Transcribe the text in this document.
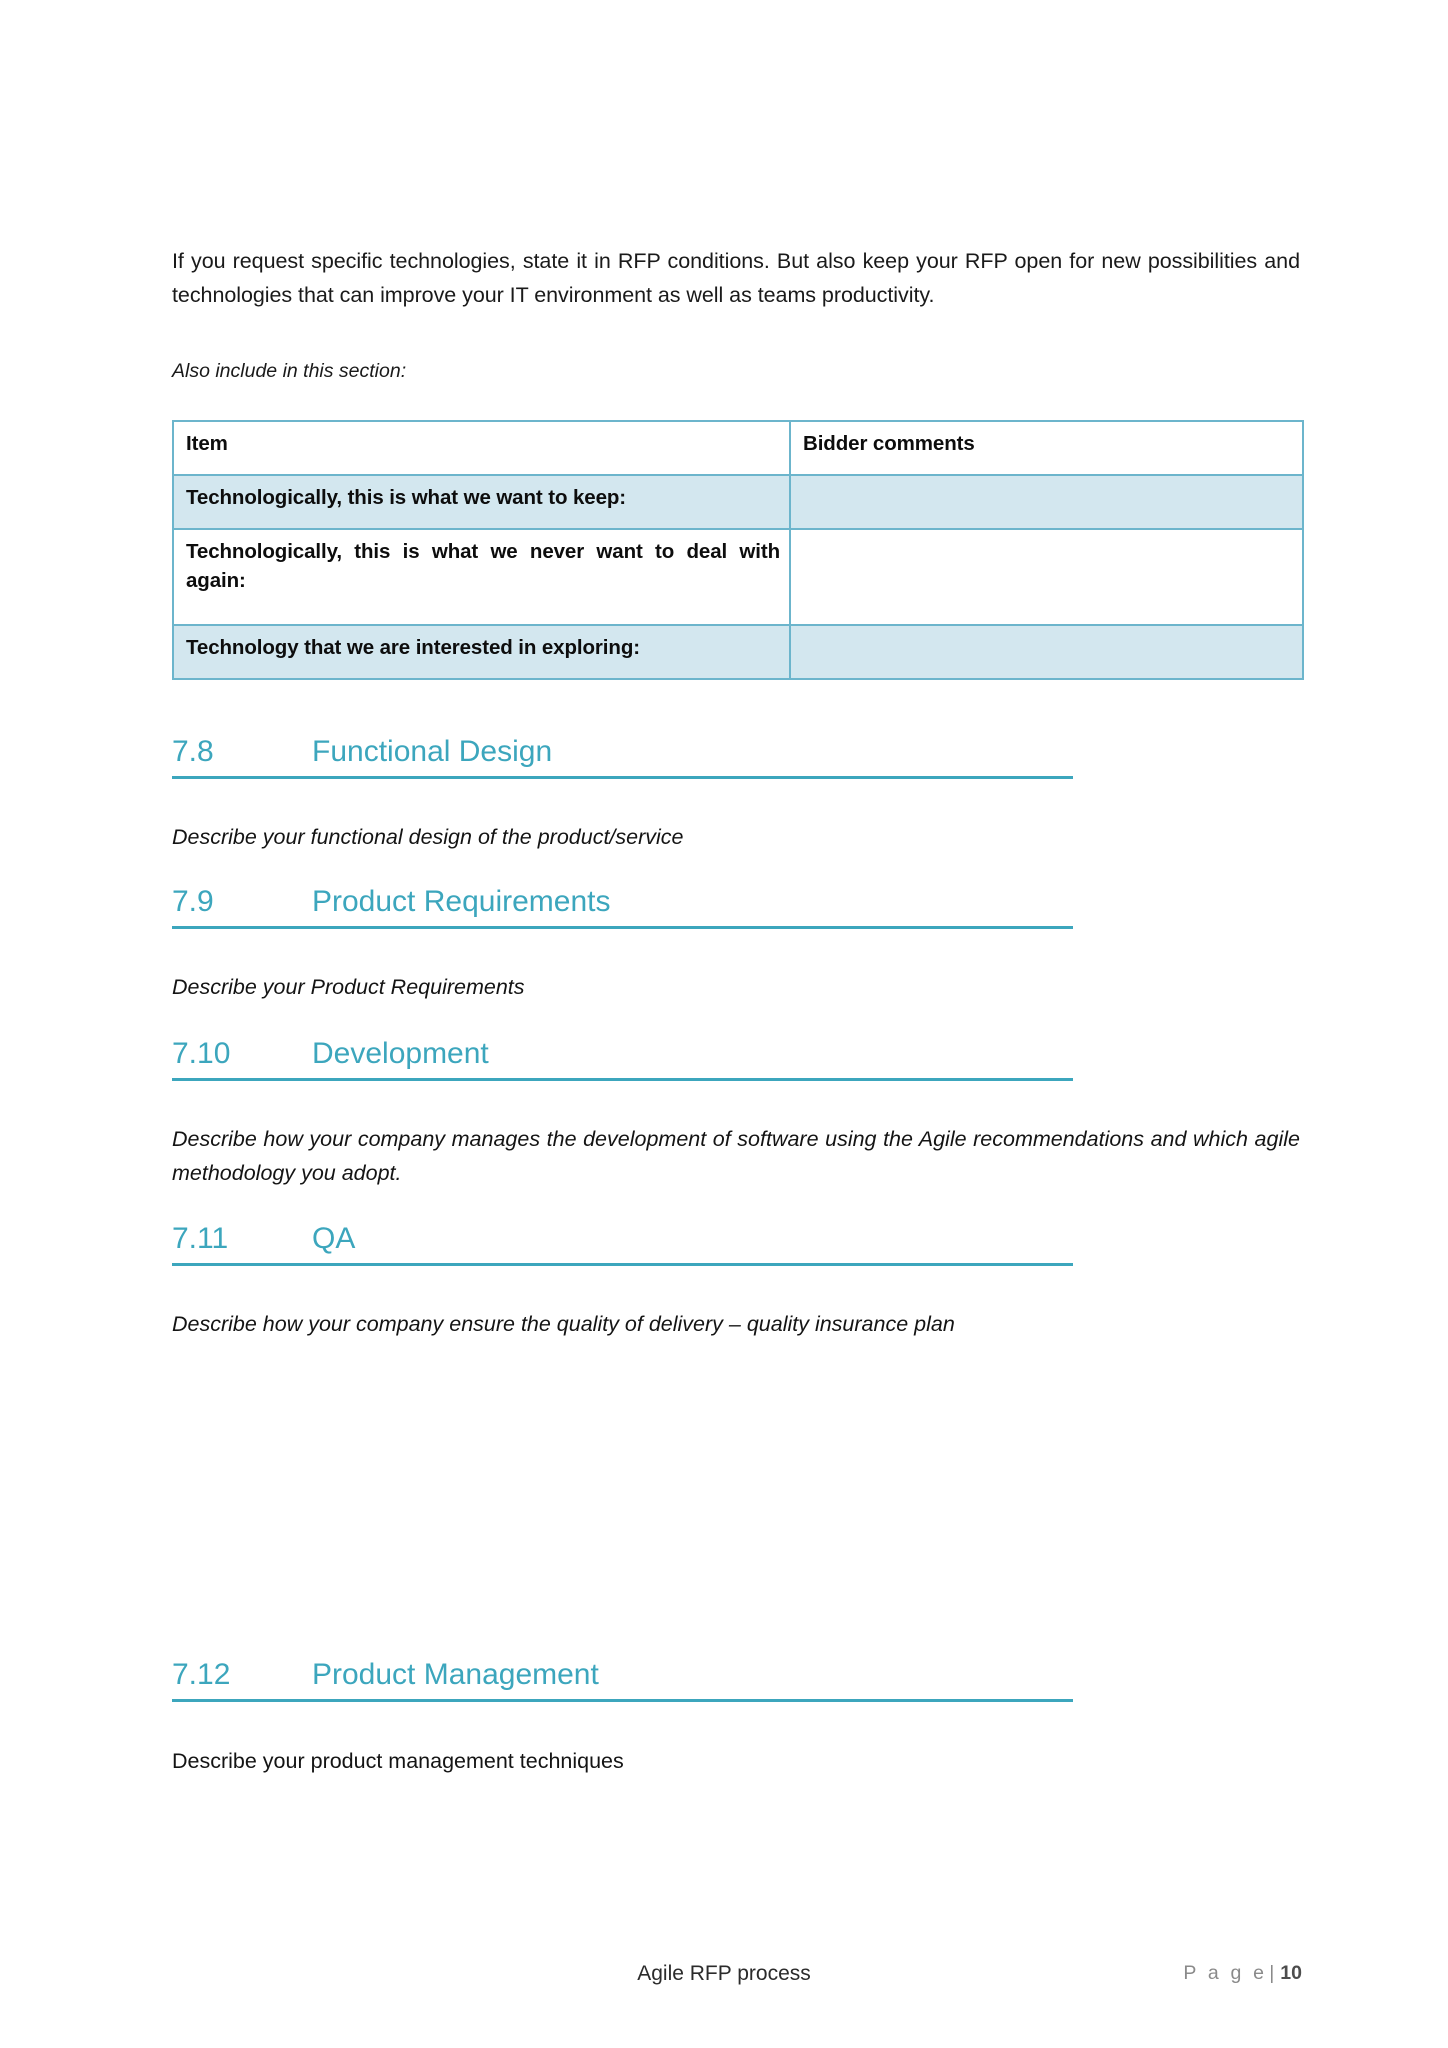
If you request specific technologies, state it in RFP conditions. But also keep your RFP open for new possibilities and technologies that can improve your IT environment as well as teams productivity.

Also include in this section:

Item	Bidder comments
Technologically, this is what we want to keep:	
Technologically, this is what we never want to deal with again:	
Technology that we are interested in exploring:	
7.8	Functional Design

Describe your functional design of the product/service

7.9	Product Requirements

Describe your Product Requirements

7.10	Development

Describe how your company manages the development of software using the Agile recommendations and which agile methodology you adopt.

7.11	QA

Describe how your company ensure the quality of delivery – quality insurance plan

7.12	Product Management

Describe your product management techniques

Agile RFP process	P a g e | 10
